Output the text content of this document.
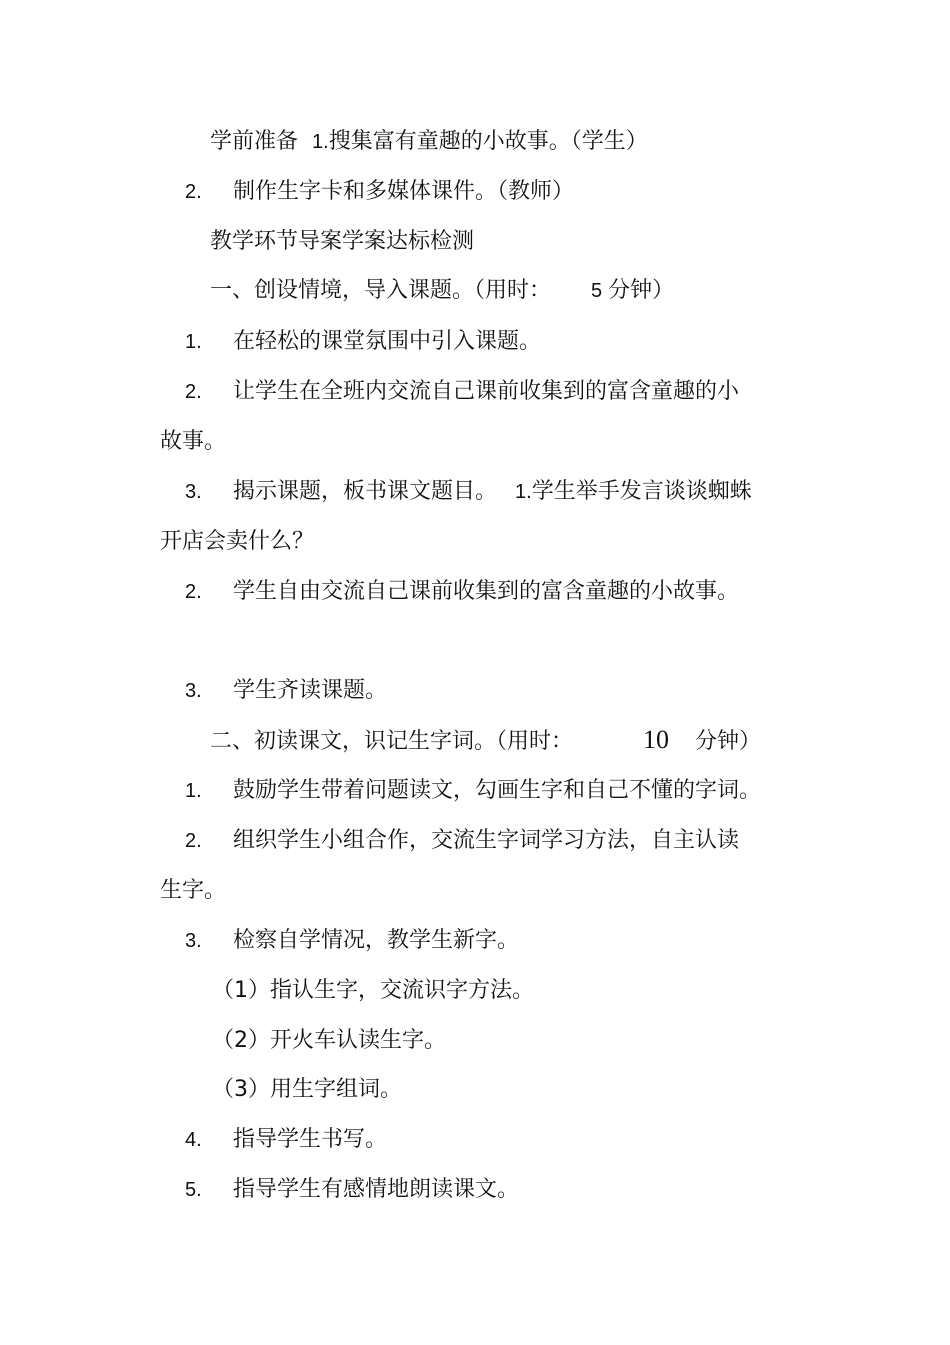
学前准备 1.搜集富有童趣的小故事。（学生）

2. 制作生字卡和多媒体课件。（教师）

教学环节导案学案达标检测

一、创设情境，导入课题。（用时： 5 分钟）

1. 在轻松的课堂氛围中引入课题。

2. 让学生在全班内交流自己课前收集到的富含童趣的小

故事。

3. 揭示课题，板书课文题目。 1.学生举手发言谈谈蜘蛛

开店会卖什么？

2. 学生自由交流自己课前收集到的富含童趣的小故事。

3. 学生齐读课题。

二、初读课文，识记生字词。（用时：	10 分钟）

1. 鼓励学生带着问题读文，勾画生字和自己不懂的字词。

2. 组织学生小组合作，交流生字词学习方法，自主认读

生字。

3. 检察自学情况，教学生新字。

（1）指认生字，交流识字方法。

（2）开火车认读生字。

（3）用生字组词。

4. 指导学生书写。

5. 指导学生有感情地朗读课文。
